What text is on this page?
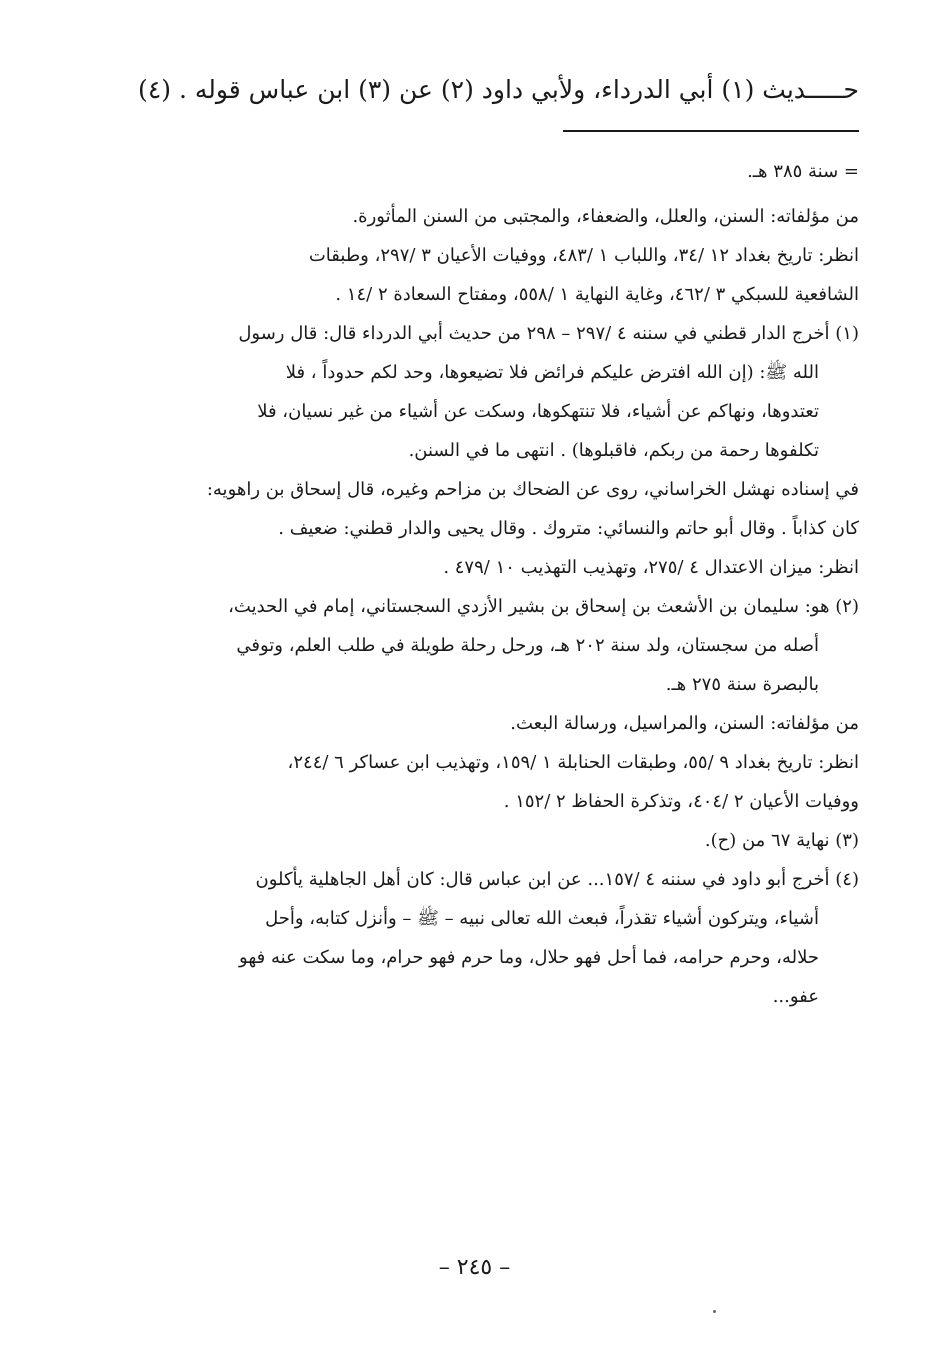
حـــــديث (١) أبي الدرداء، ولأبي داود (٢) عن (٣) ابن عباس قوله . (٤)
= سنة ٣٨٥ هـ.
من مؤلفاته: السنن، والعلل، والضعفاء، والمجتبى من السنن المأثورة.
انظر: تاريخ بغداد ١٢ /٣٤، واللباب ١ /٤٨٣، ووفيات الأعيان ٣ /٢٩٧، وطبقات
الشافعية للسبكي ٣ /٤٦٢، وغاية النهاية ١ /٥٥٨، ومفتاح السعادة ٢ /١٤ .
(١) أخرج الدار قطني في سننه ٤ /٢٩٧ – ٢٩٨ من حديث أبي الدرداء قال: قال رسول
الله ﷺ: (إن الله افترض عليكم فرائض فلا تضيعوها، وحد لكم حدوداً ، فلا
تعتدوها، ونهاكم عن أشياء، فلا تنتهكوها، وسكت عن أشياء من غير نسيان، فلا
تكلفوها رحمة من ربكم، فاقبلوها) . انتهى ما في السنن.
في إسناده نهشل الخراساني، روى عن الضحاك بن مزاحم وغيره، قال إسحاق بن راهويه:
كان كذاباً . وقال أبو حاتم والنسائي: متروك . وقال يحيى والدار قطني: ضعيف .
انظر: ميزان الاعتدال ٤ /٢٧٥، وتهذيب التهذيب ١٠ /٤٧٩ .
(٢) هو: سليمان بن الأشعث بن إسحاق بن بشير الأزدي السجستاني، إمام في الحديث،
أصله من سجستان، ولد سنة ٢٠٢ هـ، ورحل رحلة طويلة في طلب العلم، وتوفي
بالبصرة سنة ٢٧٥ هـ.
من مؤلفاته: السنن، والمراسيل، ورسالة البعث.
انظر: تاريخ بغداد ٩ /٥٥، وطبقات الحنابلة ١ /١٥٩، وتهذيب ابن عساكر ٦ /٢٤٤،
ووفيات الأعيان ٢ /٤٠٤، وتذكرة الحفاظ ٢ /١٥٢ .
(٣) نهاية ٦٧ من (ح).
(٤) أخرج أبو داود في سننه ٤ /١٥٧... عن ابن عباس قال: كان أهل الجاهلية يأكلون
أشياء، ويتركون أشياء تقذراً، فبعث الله تعالى نبيه – ﷺ – وأنزل كتابه، وأحل
حلاله، وحرم حرامه، فما أحل فهو حلال، وما حرم فهو حرام، وما سكت عنه فهو
عفو...
– ٢٤٥ –
